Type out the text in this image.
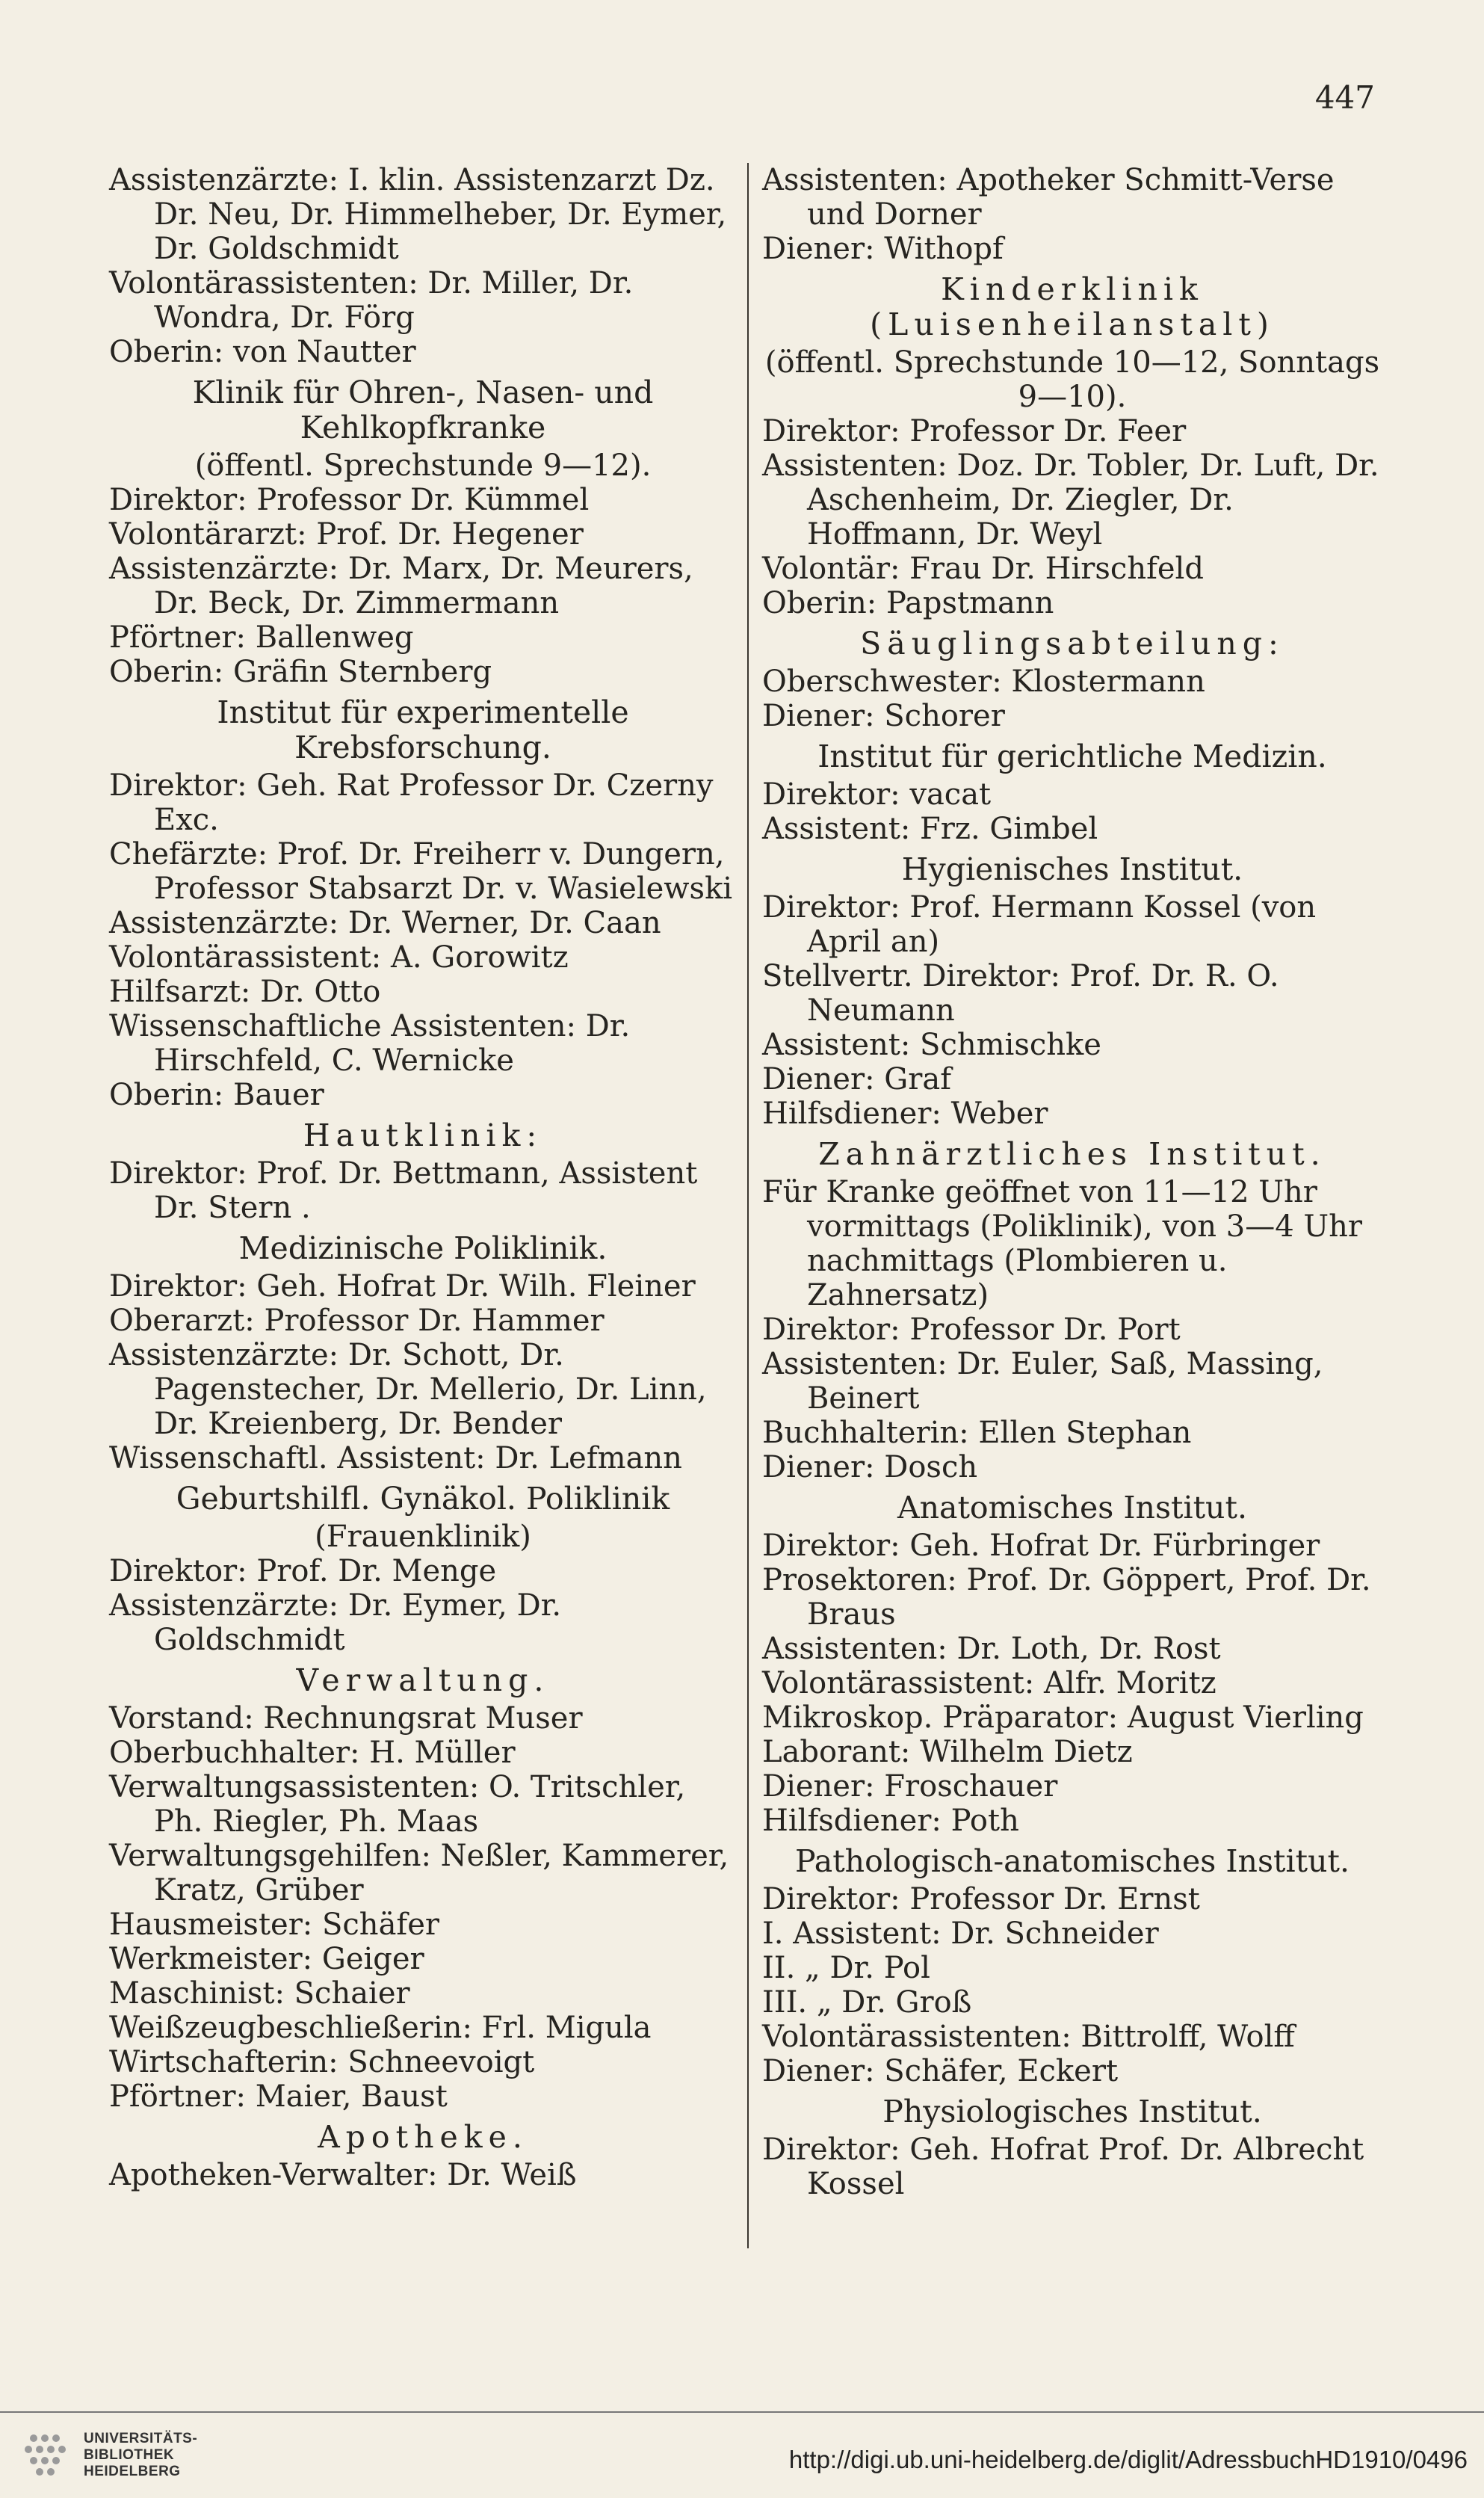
447

Assistenzärzte: I. klin. Assistenzarzt Dz. Dr. Neu, Dr. Himmelheber, Dr. Eymer, Dr. Goldschmidt

Volontärassistenten: Dr. Miller, Dr. Wondra, Dr. Förg

Oberin: von Nautter

Klinik für Ohren-, Nasen- und Kehlkopfkranke

(öffentl. Sprechstunde 9—12).

Direktor: Professor Dr. Kümmel

Volontärarzt: Prof. Dr. Hegener

Assistenzärzte: Dr. Marx, Dr. Meurers, Dr. Beck, Dr. Zimmermann

Pförtner: Ballenweg

Oberin: Gräfin Sternberg

Institut für experimentelle Krebsforschung.

Direktor: Geh. Rat Professor Dr. Czerny Exc.

Chefärzte: Prof. Dr. Freiherr v. Dungern, Professor Stabsarzt Dr. v. Wasielewski

Assistenzärzte: Dr. Werner, Dr. Caan

Volontärassistent: A. Gorowitz

Hilfsarzt: Dr. Otto

Wissenschaftliche Assistenten: Dr. Hirschfeld, C. Wernicke

Oberin: Bauer

Hautklinik:

Direktor: Prof. Dr. Bettmann, Assistent Dr. Stern .

Medizinische Poliklinik.

Direktor: Geh. Hofrat Dr. Wilh. Fleiner

Oberarzt: Professor Dr. Hammer

Assistenzärzte: Dr. Schott, Dr. Pagenstecher, Dr. Mellerio, Dr. Linn, Dr. Kreienberg, Dr. Bender

Wissenschaftl. Assistent: Dr. Lefmann

Geburtshilfl. Gynäkol. Poliklinik

(Frauenklinik)

Direktor: Prof. Dr. Menge

Assistenzärzte: Dr. Eymer, Dr. Goldschmidt

Verwaltung.

Vorstand: Rechnungsrat Muser

Oberbuchhalter: H. Müller

Verwaltungsassistenten: O. Tritschler, Ph. Riegler, Ph. Maas

Verwaltungsgehilfen: Neßler, Kammerer, Kratz, Grüber

Hausmeister: Schäfer

Werkmeister: Geiger

Maschinist: Schaier

Weißzeugbeschließerin: Frl. Migula

Wirtschafterin: Schneevoigt

Pförtner: Maier, Baust

Apotheke.

Apotheken-Verwalter: Dr. Weiß

Assistenten: Apotheker Schmitt-Verse und Dorner

Diener: Withopf

Kinderklinik (Luisenheilanstalt)

(öffentl. Sprechstunde 10—12, Sonntags 9—10).

Direktor: Professor Dr. Feer

Assistenten: Doz. Dr. Tobler, Dr. Luft, Dr. Aschenheim, Dr. Ziegler, Dr. Hoffmann, Dr. Weyl

Volontär: Frau Dr. Hirschfeld

Oberin: Papstmann

Säuglingsabteilung:

Oberschwester: Klostermann

Diener: Schorer

Institut für gerichtliche Medizin.

Direktor: vacat

Assistent: Frz. Gimbel

Hygienisches Institut.

Direktor: Prof. Hermann Kossel (von April an)

Stellvertr. Direktor: Prof. Dr. R. O. Neumann

Assistent: Schmischke

Diener: Graf

Hilfsdiener: Weber

Zahnärztliches Institut.

Für Kranke geöffnet von 11—12 Uhr vormittags (Poliklinik), von 3—4 Uhr nachmittags (Plombieren u. Zahnersatz)

Direktor: Professor Dr. Port

Assistenten: Dr. Euler, Saß, Massing, Beinert

Buchhalterin: Ellen Stephan

Diener: Dosch

Anatomisches Institut.

Direktor: Geh. Hofrat Dr. Fürbringer

Prosektoren: Prof. Dr. Göppert, Prof. Dr. Braus

Assistenten: Dr. Loth, Dr. Rost

Volontärassistent: Alfr. Moritz

Mikroskop. Präparator: August Vierling

Laborant: Wilhelm Dietz

Diener: Froschauer

Hilfsdiener: Poth

Pathologisch-anatomisches Institut.

Direktor: Professor Dr. Ernst

I. Assistent: Dr. Schneider

II. „ Dr. Pol

III. „ Dr. Groß

Volontärassistenten: Bittrolff, Wolff

Diener: Schäfer, Eckert

Physiologisches Institut.

Direktor: Geh. Hofrat Prof. Dr. Albrecht Kossel

UNIVERSITÄTS-
BIBLIOTHEK
HEIDELBERG	http://digi.ub.uni-heidelberg.de/diglit/AdressbuchHD1910/0496
